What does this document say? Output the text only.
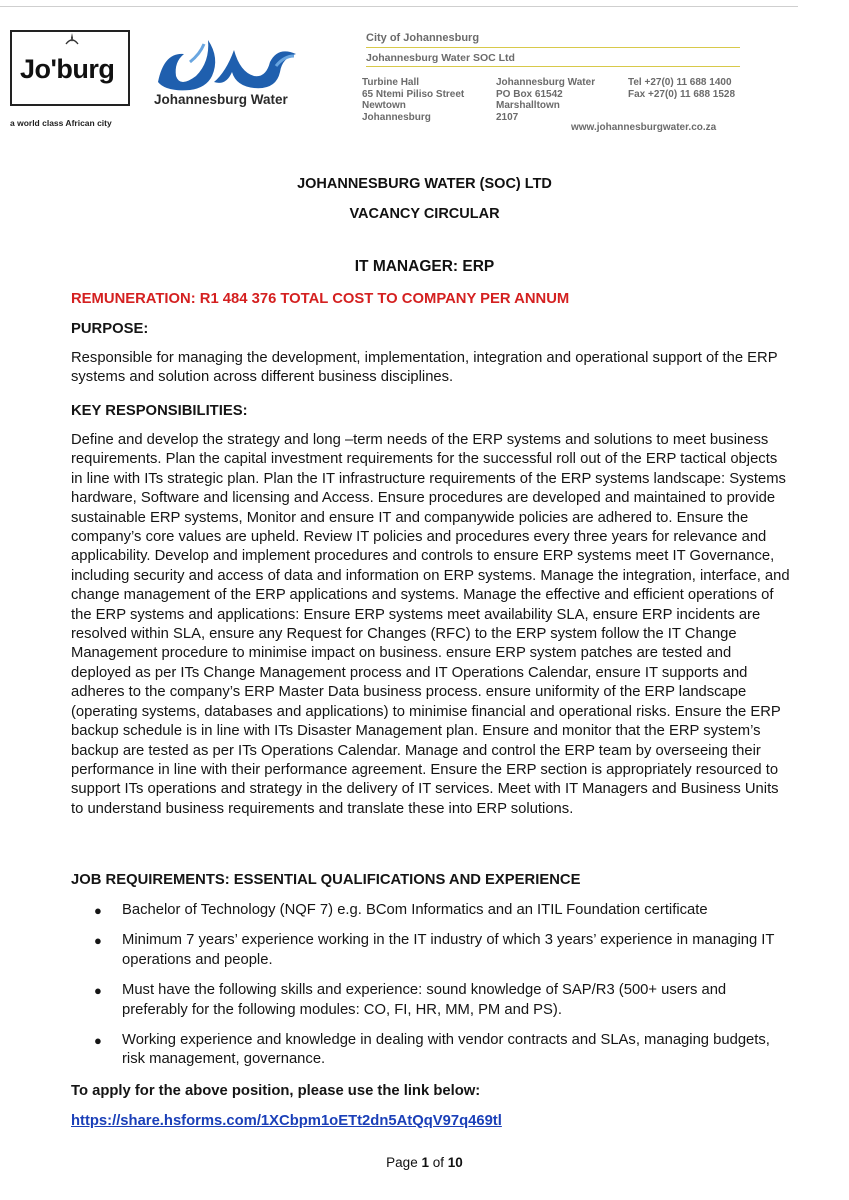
Jo'burg
a world class African city
Johannesburg Water
City of Johannesburg
Johannesburg Water SOC Ltd
Turbine Hall
65 Ntemi Piliso Street
Newtown
Johannesburg
Johannesburg Water
PO Box 61542
Marshalltown
2107
Tel +27(0) 11 688 1400
Fax +27(0) 11 688 1528
www.johannesburgwater.co.za
JOHANNESBURG WATER (SOC) LTD
VACANCY CIRCULAR
IT MANAGER: ERP
REMUNERATION: R1 484 376 TOTAL COST TO COMPANY PER ANNUM
PURPOSE:
Responsible for managing the development, implementation, integration and operational support of the ERP systems and solution across different business disciplines.
KEY RESPONSIBILITIES:
Define and develop the strategy and long –term needs of the ERP systems and solutions to meet business requirements. Plan the capital investment requirements for the successful roll out of the ERP tactical objects in line with ITs strategic plan. Plan the IT infrastructure requirements of the ERP systems landscape: Systems hardware, Software and licensing and Access. Ensure procedures are developed and maintained to provide sustainable ERP systems, Monitor and ensure IT and companywide policies are adhered to. Ensure the company’s core values are upheld. Review IT policies and procedures every three years for relevance and applicability. Develop and implement procedures and controls to ensure ERP systems meet IT Governance, including security and access of data and information on ERP systems. Manage the integration, interface, and change management of the ERP applications and systems. Manage the effective and efficient operations of the ERP systems and applications: Ensure ERP systems meet availability SLA, ensure ERP incidents are resolved within SLA, ensure any Request for Changes (RFC) to the ERP system follow the IT Change Management procedure to minimise impact on business. ensure ERP system patches are tested and deployed as per ITs Change Management process and IT Operations Calendar, ensure IT supports and adheres to the company’s ERP Master Data business process. ensure uniformity of the ERP landscape (operating systems, databases and applications) to minimise financial and operational risks. Ensure the ERP backup schedule is in line with ITs Disaster Management plan. Ensure and monitor that the ERP system’s backup are tested as per ITs Operations Calendar. Manage and control the ERP team by overseeing their performance in line with their performance agreement. Ensure the ERP section is appropriately resourced to support ITs operations and strategy in the delivery of IT services. Meet with IT Managers and Business Units to understand business requirements and translate these into ERP solutions.
JOB REQUIREMENTS: ESSENTIAL QUALIFICATIONS AND EXPERIENCE
● Bachelor of Technology (NQF 7) e.g. BCom Informatics and an ITIL Foundation certificate
● Minimum 7 years’ experience working in the IT industry of which 3 years’ experience in managing IT operations and people.
● Must have the following skills and experience: sound knowledge of SAP/R3 (500+ users and preferably for the following modules: CO, FI, HR, MM, PM and PS).
● Working experience and knowledge in dealing with vendor contracts and SLAs, managing budgets, risk management, governance.
To apply for the above position, please use the link below:
https://share.hsforms.com/1XCbpm1oETt2dn5AtQqV97q469tl
Page 1 of 10
